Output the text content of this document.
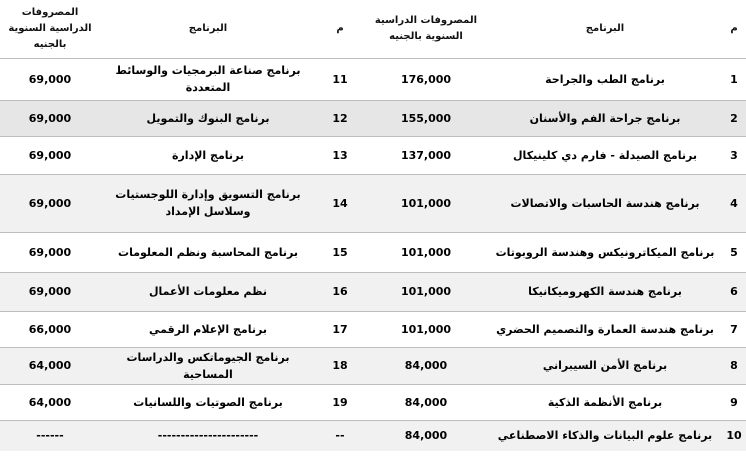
م	البرنامج	المصروفات الدراسية السنوية بالجنيه	م	البرنامج	المصروفات الدراسية السنوية بالجنيه
1	برنامج الطب والجراحة	176,000	11	برنامج صناعة البرمجيات والوسائط المتعددة	69,000
2	برنامج جراحة الفم والأسنان	155,000	12	برنامج البنوك والتمويل	69,000
3	برنامج الصيدلة - فارم دي كلينيكال	137,000	13	برنامج الإدارة	69,000
4	برنامج هندسة الحاسبات والاتصالات	101,000	14	برنامج التسويق وإدارة اللوجستيات وسلاسل الإمداد	69,000
5	برنامج الميكاترونيكس وهندسة الروبوتات	101,000	15	برنامج المحاسبة ونظم المعلومات	69,000
6	برنامج هندسة الكهروميكانيكا	101,000	16	نظم معلومات الأعمال	69,000
7	برنامج هندسة العمارة والتصميم الحضري	101,000	17	برنامج الإعلام الرقمي	66,000
8	برنامج الأمن السيبراني	84,000	18	برنامج الجيوماتكس والدراسات المساحية	64,000
9	برنامج الأنظمة الذكية	84,000	19	برنامج الصوتيات واللسانيات	64,000
10	برنامج علوم البيانات والذكاء الاصطناعي	84,000	--	----------------------	------
